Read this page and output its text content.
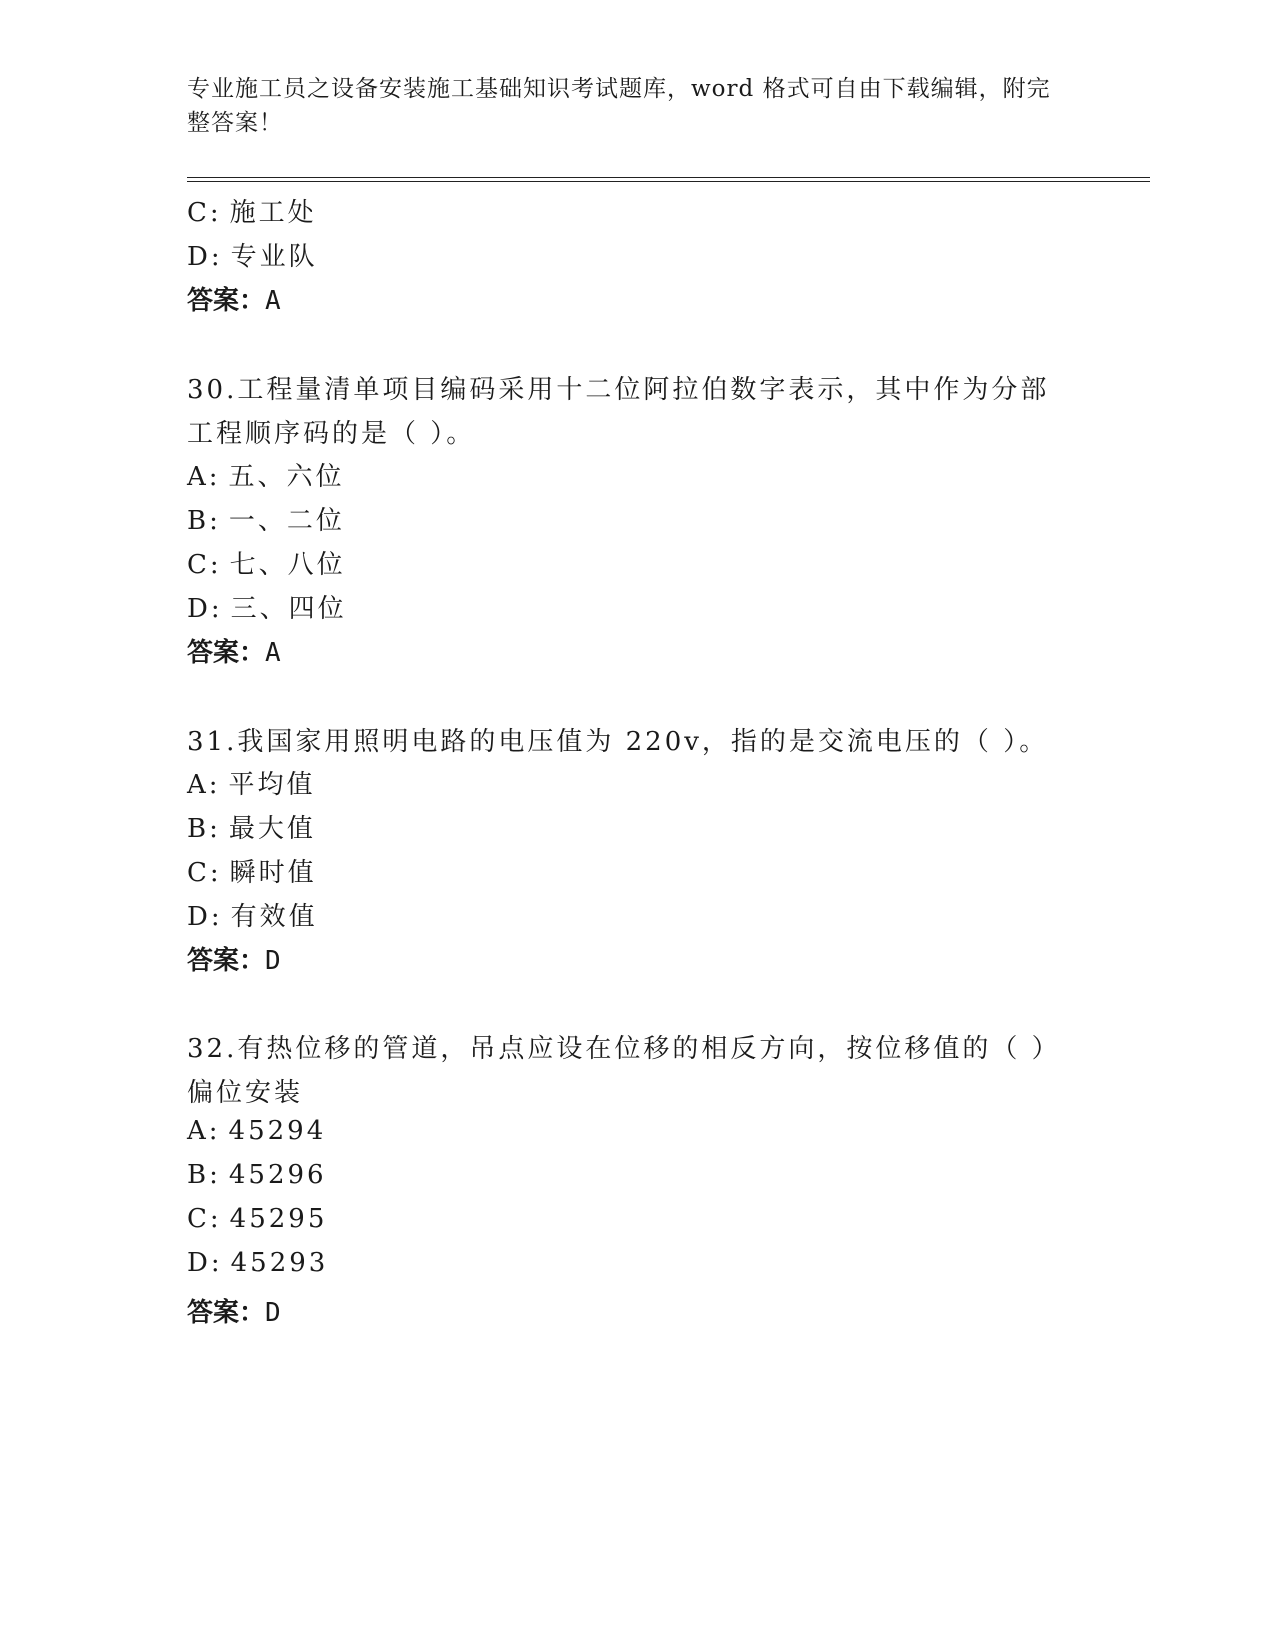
专业施工员之设备安装施工基础知识考试题库，word 格式可自由下载编辑，附完整答案！
C: 施工处
D: 专业队
答案：A
30.工程量清单项目编码采用十二位阿拉伯数字表示，其中作为分部工程顺序码的是（ ）。
A: 五、六位
B: 一、二位
C: 七、八位
D: 三、四位
答案：A
31.我国家用照明电路的电压值为 220v，指的是交流电压的（ ）。
A: 平均值
B: 最大值
C: 瞬时值
D: 有效值
答案：D
32.有热位移的管道，吊点应设在位移的相反方向，按位移值的（ ）偏位安装
A: 45294
B: 45296
C: 45295
D: 45293
答案：D
